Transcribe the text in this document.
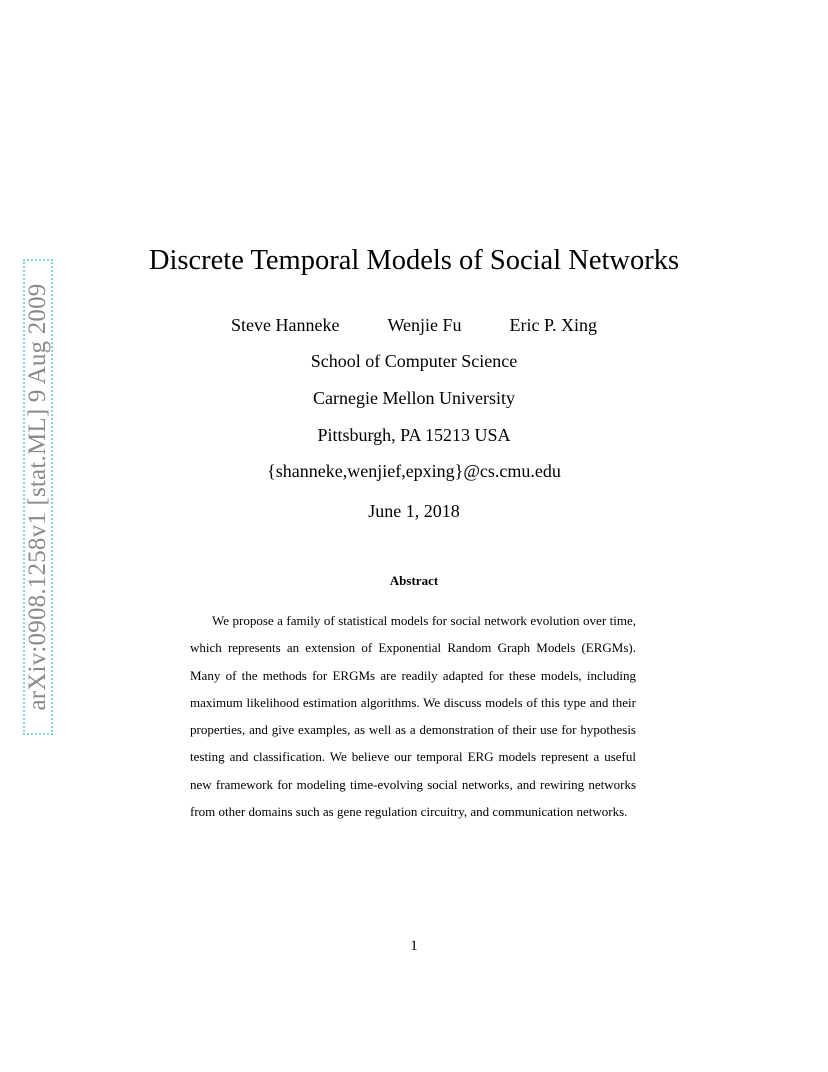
arXiv:0908.1258v1 [stat.ML] 9 Aug 2009
Discrete Temporal Models of Social Networks
Steve Hanneke	Wenjie Fu	Eric P. Xing
School of Computer Science
Carnegie Mellon University
Pittsburgh, PA 15213 USA
{shanneke,wenjief,epxing}@cs.cmu.edu
June 1, 2018
Abstract

We propose a family of statistical models for social network evolution over time, which represents an extension of Exponential Random Graph Models (ERGMs). Many of the methods for ERGMs are readily adapted for these models, including maximum likelihood estimation algorithms. We discuss models of this type and their properties, and give examples, as well as a demonstration of their use for hypothesis testing and classification. We believe our temporal ERG models represent a useful new framework for modeling time-evolving social networks, and rewiring networks from other domains such as gene regulation circuitry, and communication networks.

1
